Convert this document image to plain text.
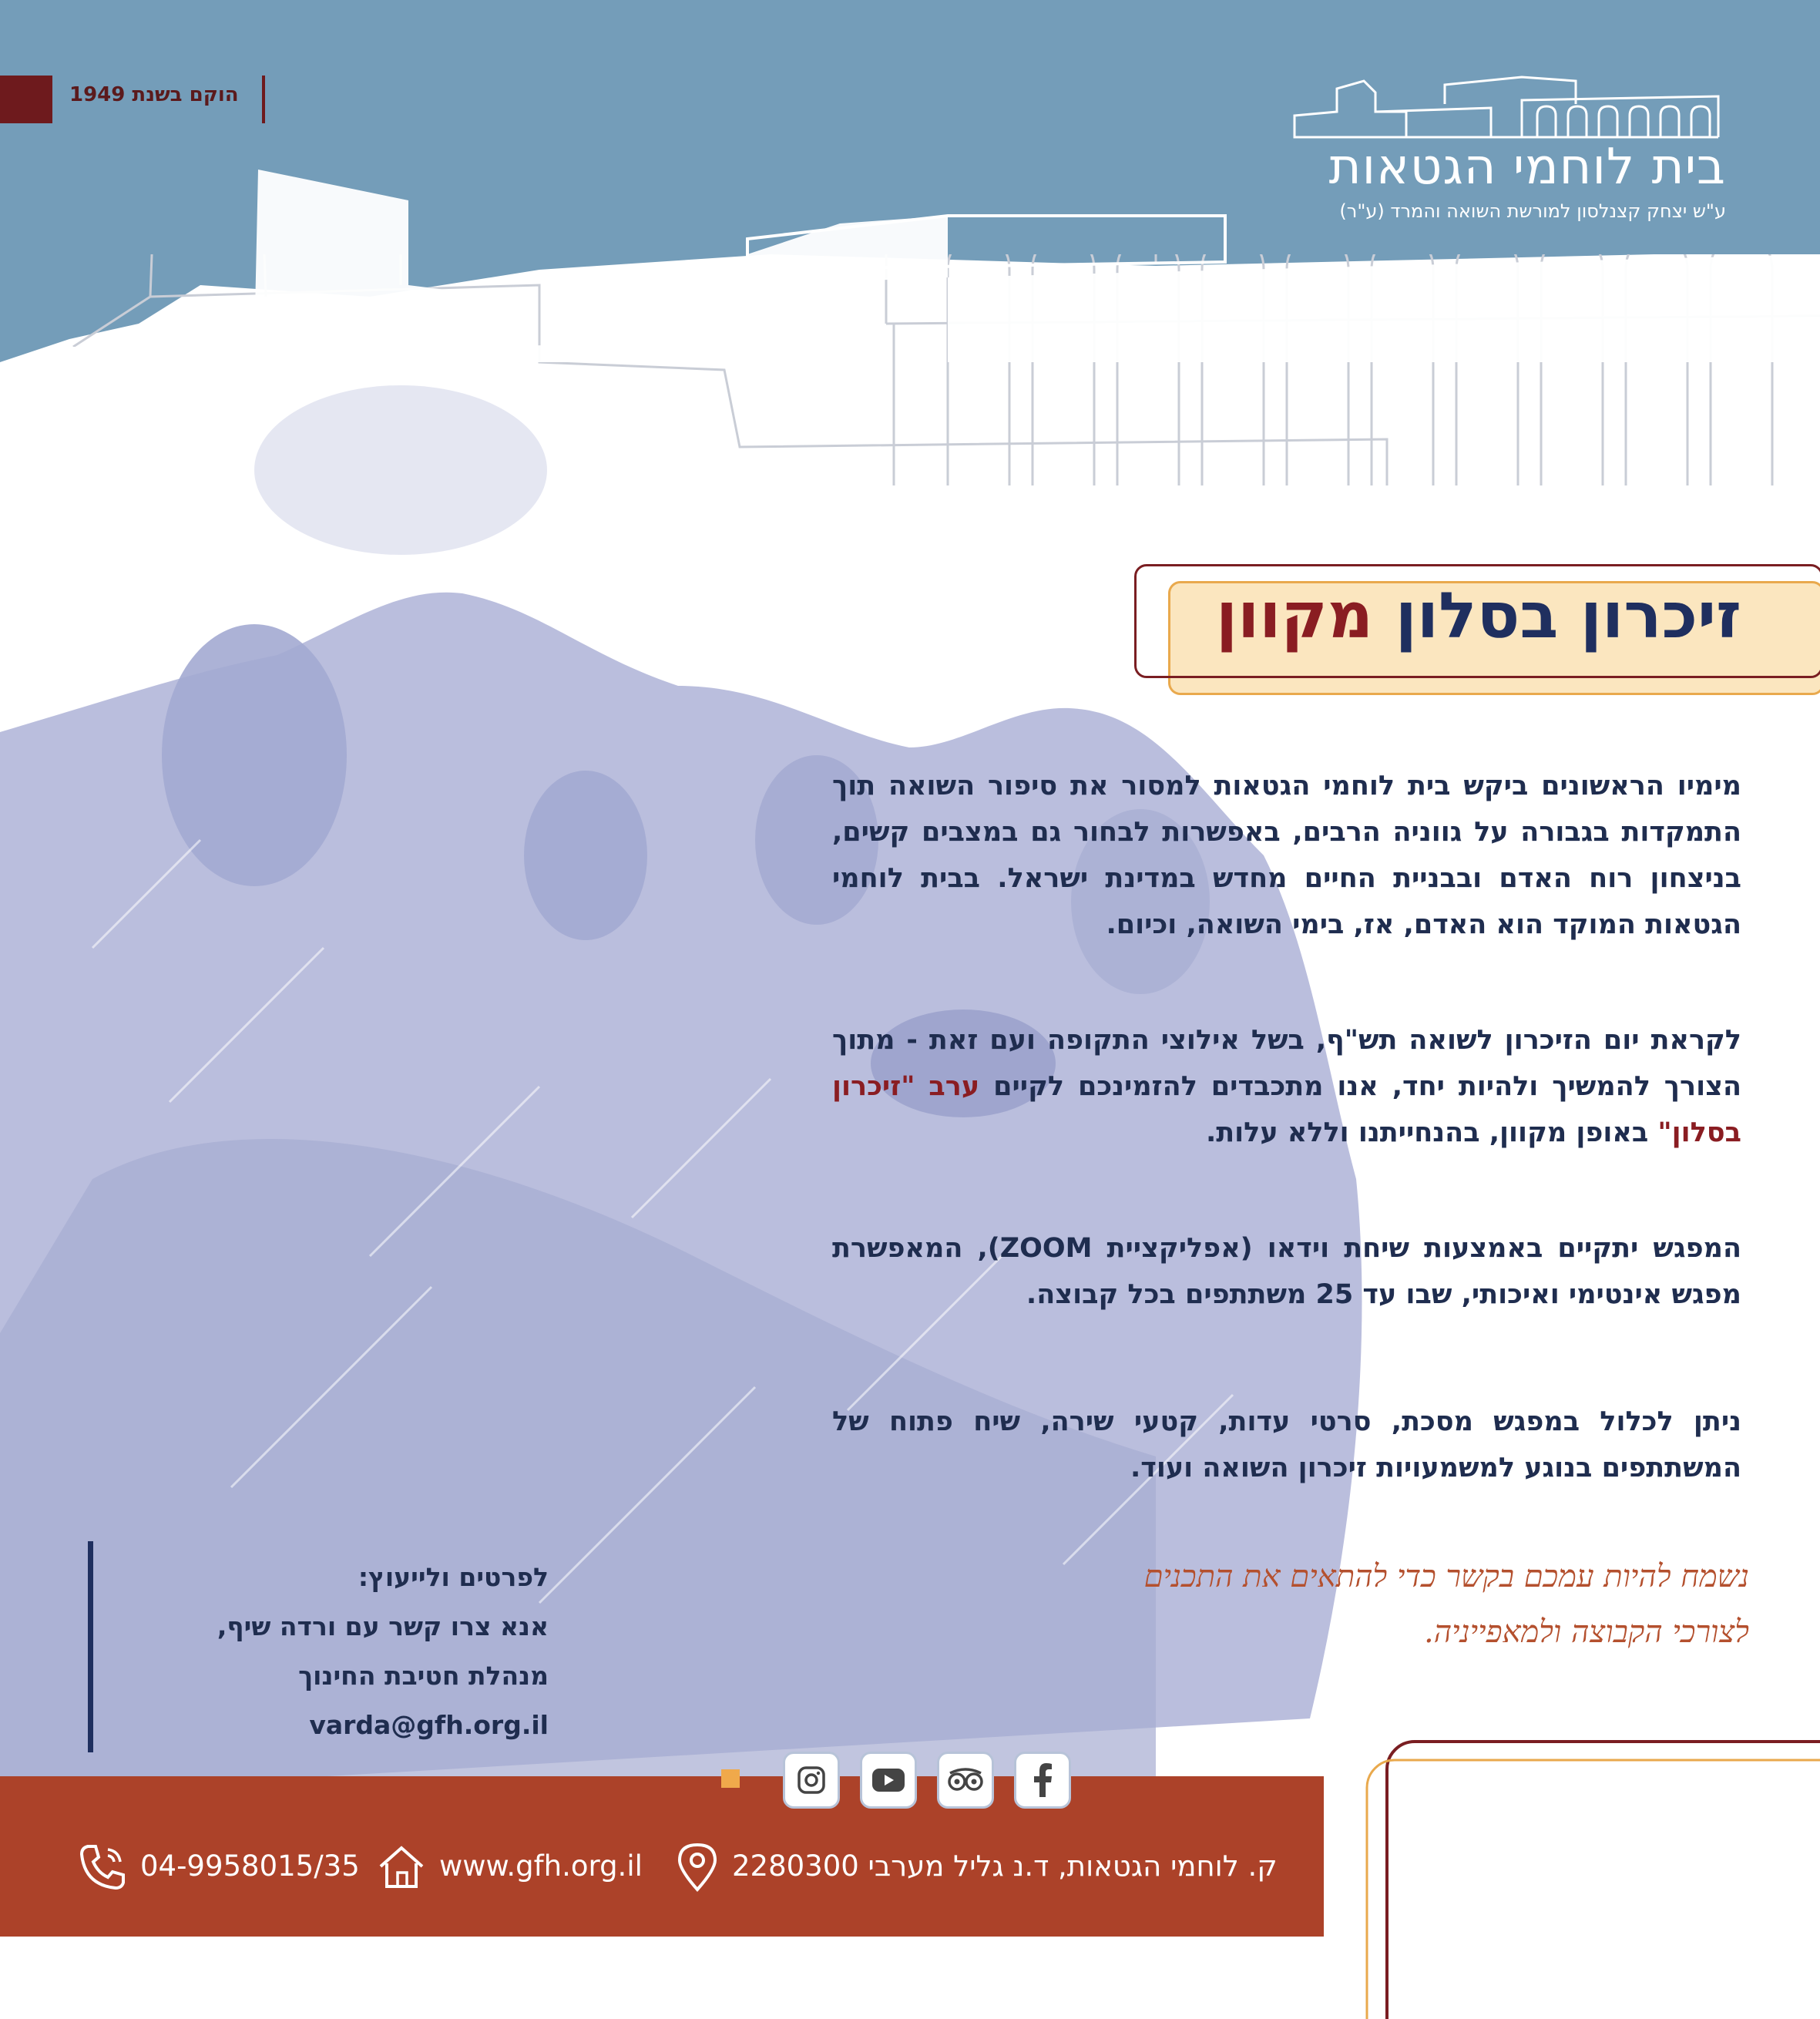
הוקם בשנת 1949
בית לוחמי הגטאות
ע"ש יצחק קצנלסון למורשת השואה והמרד (ע"ר)
זיכרון בסלון מקוון
מימיו הראשונים ביקש בית לוחמי הגטאות למסור את סיפור השואה תוך התמקדות בגבורה על גווניה הרבים, באפשרות לבחור גם במצבים קשים, בניצחון רוח האדם ובבניית החיים מחדש במדינת ישראל. בבית לוחמי הגטאות המוקד הוא האדם, אז, בימי השואה, וכיום.
לקראת יום הזיכרון לשואה תש"ף, בשל אילוצי התקופה ועם זאת - מתוך הצורך להמשיך ולהיות יחד, אנו מתכבדים להזמינכם לקיים ערב "זיכרון בסלון" באופן מקוון, בהנחייתנו וללא עלות.
המפגש יתקיים באמצעות שיחת וידאו (אפליקציית ZOOM), המאפשרת מפגש אינטימי ואיכותי, שבו עד 25 משתתפים בכל קבוצה.
ניתן לכלול במפגש מסכת, סרטי עדות, קטעי שירה, שיח פתוח של המשתתפים בנוגע למשמעויות זיכרון השואה ועוד.
נשמח להיות עמכם בקשר כדי להתאים את התכנים
לצורכי הקבוצה ולמאפייניה.
לפרטים ולייעוץ:
אנא צרו קשר עם ורדה שיף,
מנהלת חטיבת החינוך
varda@gfh.org.il
04-9958015/35	www.gfh.org.il	ק. לוחמי הגטאות, ד.נ גליל מערבי 2280300
